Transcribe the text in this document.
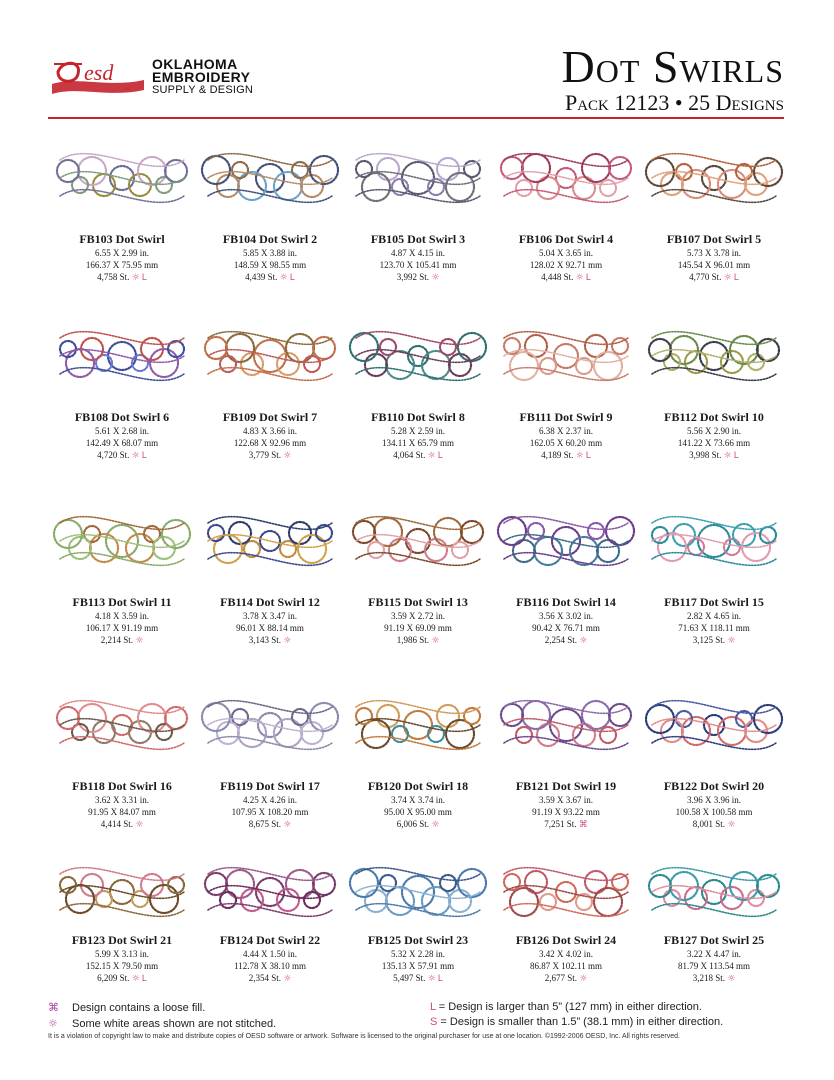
esd
INC.
OKLAHOMA
EMBROIDERY
SUPPLY & DESIGN	Dot Swirls
Pack 12123 • 25 Designs
FB103 Dot Swirl
6.55 X 2.99 in.
166.37 X 75.95 mm
4,758 St. ☼ L
FB104 Dot Swirl 2
5.85 X 3.88 in.
148.59 X 98.55 mm
4,439 St. ☼ L
FB105 Dot Swirl 3
4.87 X 4.15 in.
123.70 X 105.41 mm
3,992 St. ☼
FB106 Dot Swirl 4
5.04 X 3.65 in.
128.02 X 92.71 mm
4,448 St. ☼ L
FB107 Dot Swirl 5
5.73 X 3.78 in.
145.54 X 96.01 mm
4,770 St. ☼ L
FB108 Dot Swirl 6
5.61 X 2.68 in.
142.49 X 68.07 mm
4,720 St. ☼ L
FB109 Dot Swirl 7
4.83 X 3.66 in.
122.68 X 92.96 mm
3,779 St. ☼
FB110 Dot Swirl 8
5.28 X 2.59 in.
134.11 X 65.79 mm
4,064 St. ☼ L
FB111 Dot Swirl 9
6.38 X 2.37 in.
162.05 X 60.20 mm
4,189 St. ☼ L
FB112 Dot Swirl 10
5.56 X 2.90 in.
141.22 X 73.66 mm
3,998 St. ☼ L
FB113 Dot Swirl 11
4.18 X 3.59 in.
106.17 X 91.19 mm
2,214 St. ☼
FB114 Dot Swirl 12
3.78 X 3.47 in.
96.01 X 88.14 mm
3,143 St. ☼
FB115 Dot Swirl 13
3.59 X 2.72 in.
91.19 X 69.09 mm
1,986 St. ☼
FB116 Dot Swirl 14
3.56 X 3.02 in.
90.42 X 76.71 mm
2,254 St. ☼
FB117 Dot Swirl 15
2.82 X 4.65 in.
71.63 X 118.11 mm
3,125 St. ☼
FB118 Dot Swirl 16
3.62 X 3.31 in.
91.95 X 84.07 mm
4,414 St. ☼
FB119 Dot Swirl 17
4.25 X 4.26 in.
107.95 X 108.20 mm
8,675 St. ☼
FB120 Dot Swirl 18
3.74 X 3.74 in.
95.00 X 95.00 mm
6,006 St. ☼
FB121 Dot Swirl 19
3.59 X 3.67 in.
91.19 X 93.22 mm
7,251 St. ⌘
FB122 Dot Swirl 20
3.96 X 3.96 in.
100.58 X 100.58 mm
8,001 St. ☼
FB123 Dot Swirl 21
5.99 X 3.13 in.
152.15 X 79.50 mm
6,209 St. ☼ L
FB124 Dot Swirl 22
4.44 X 1.50 in.
112.78 X 38.10 mm
2,354 St. ☼
FB125 Dot Swirl 23
5.32 X 2.28 in.
135.13 X 57.91 mm
5,497 St. ☼ L
FB126 Dot Swirl 24
3.42 X 4.02 in.
86.87 X 102.11 mm
2,677 St. ☼
FB127 Dot Swirl 25
3.22 X 4.47 in.
81.79 X 113.54 mm
3,218 St. ☼
⌘ Design contains a loose fill.
☼ Some white areas shown are not stitched.
L = Design is larger than 5” (127 mm) in either direction.
S = Design is smaller than 1.5” (38.1 mm) in either direction.
It is a violation of copyright law to make and distribute copies of OESD software or artwork. Software is licensed to the original purchaser for use at one location. ©1992-2006 OESD, Inc. All rights reserved.
